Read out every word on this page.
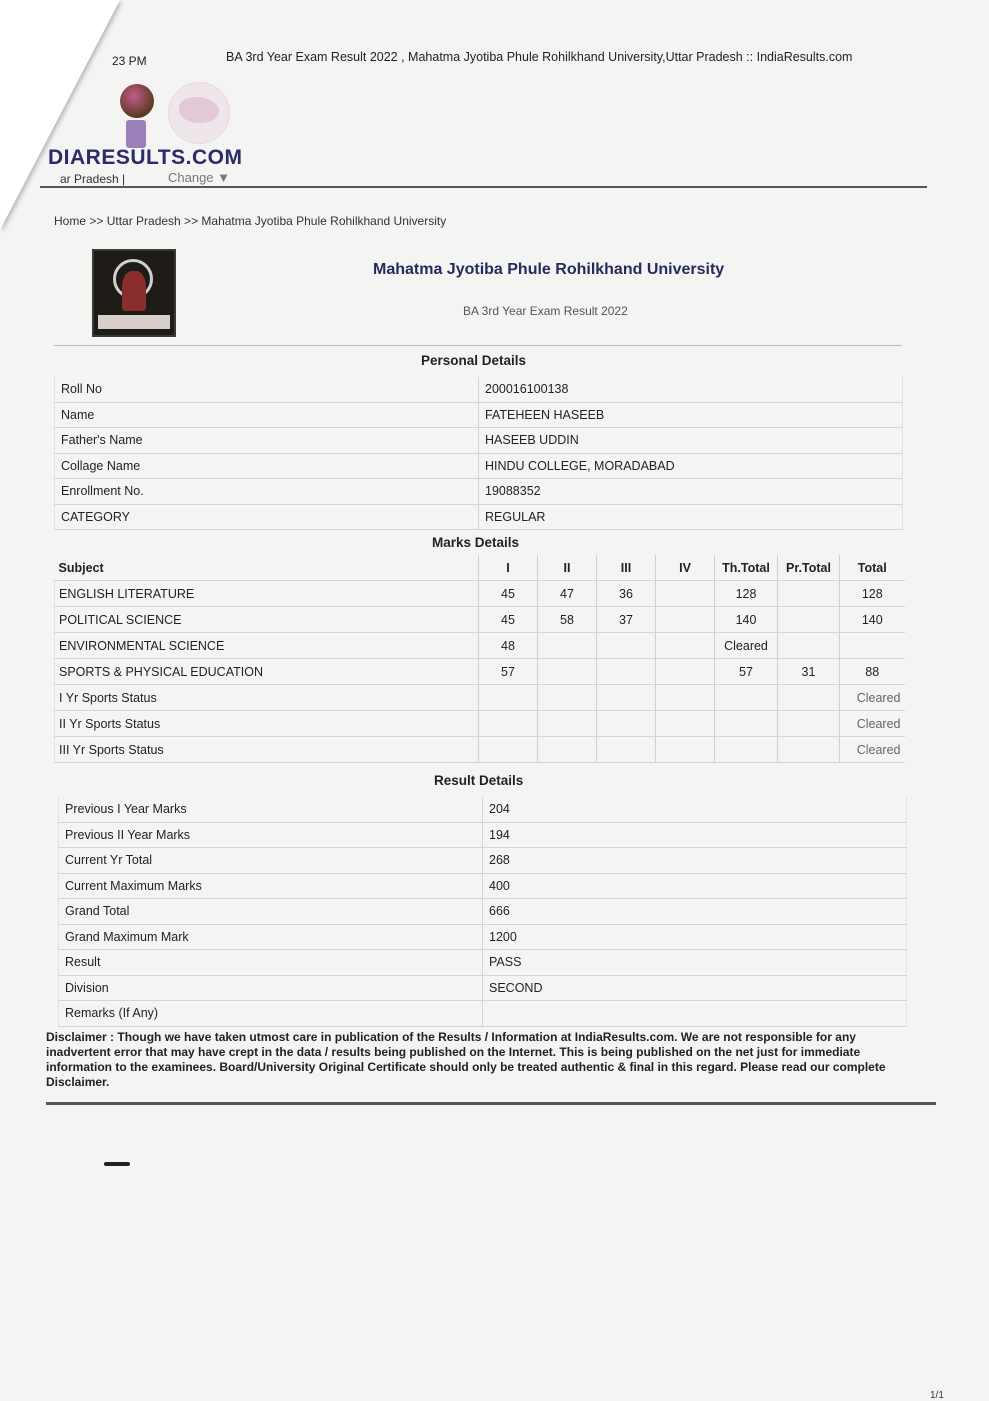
23 PM	BA 3rd Year Exam Result 2022 , Mahatma Jyotiba Phule Rohilkhand University,Uttar Pradesh :: IndiaResults.com
DIARESULTS.COM
ar Pradesh |	Change ▼
Home >> Uttar Pradesh >> Mahatma Jyotiba Phule Rohilkhand University
Mahatma Jyotiba Phule Rohilkhand University
BA 3rd Year Exam Result 2022
Personal Details
Roll No	200016100138
Name	FATEHEEN HASEEB
Father's Name	HASEEB UDDIN
Collage Name	HINDU COLLEGE, MORADABAD
Enrollment No.	19088352
CATEGORY	REGULAR
Marks Details
Subject	I	II	III	IV	Th.Total	Pr.Total	Total
ENGLISH LITERATURE	45	47	36		128		128
POLITICAL SCIENCE	45	58	37		140		140
ENVIRONMENTAL SCIENCE	48				Cleared		
SPORTS & PHYSICAL EDUCATION	57				57	31	88
I Yr Sports Status							Cleared
II Yr Sports Status							Cleared
III Yr Sports Status							Cleared
Result Details
Previous I Year Marks	204
Previous II Year Marks	194
Current Yr Total	268
Current Maximum Marks	400
Grand Total	666
Grand Maximum Mark	1200
Result	PASS
Division	SECOND
Remarks (If Any)	
Disclaimer : Though we have taken utmost care in publication of the Results / Information at IndiaResults.com. We are not responsible for any inadvertent error that may have crept in the data / results being published on the Internet. This is being published on the net just for immediate information to the examinees. Board/University Original Certificate should only be treated authentic & final in this regard. Please read our complete Disclaimer.
1/1
